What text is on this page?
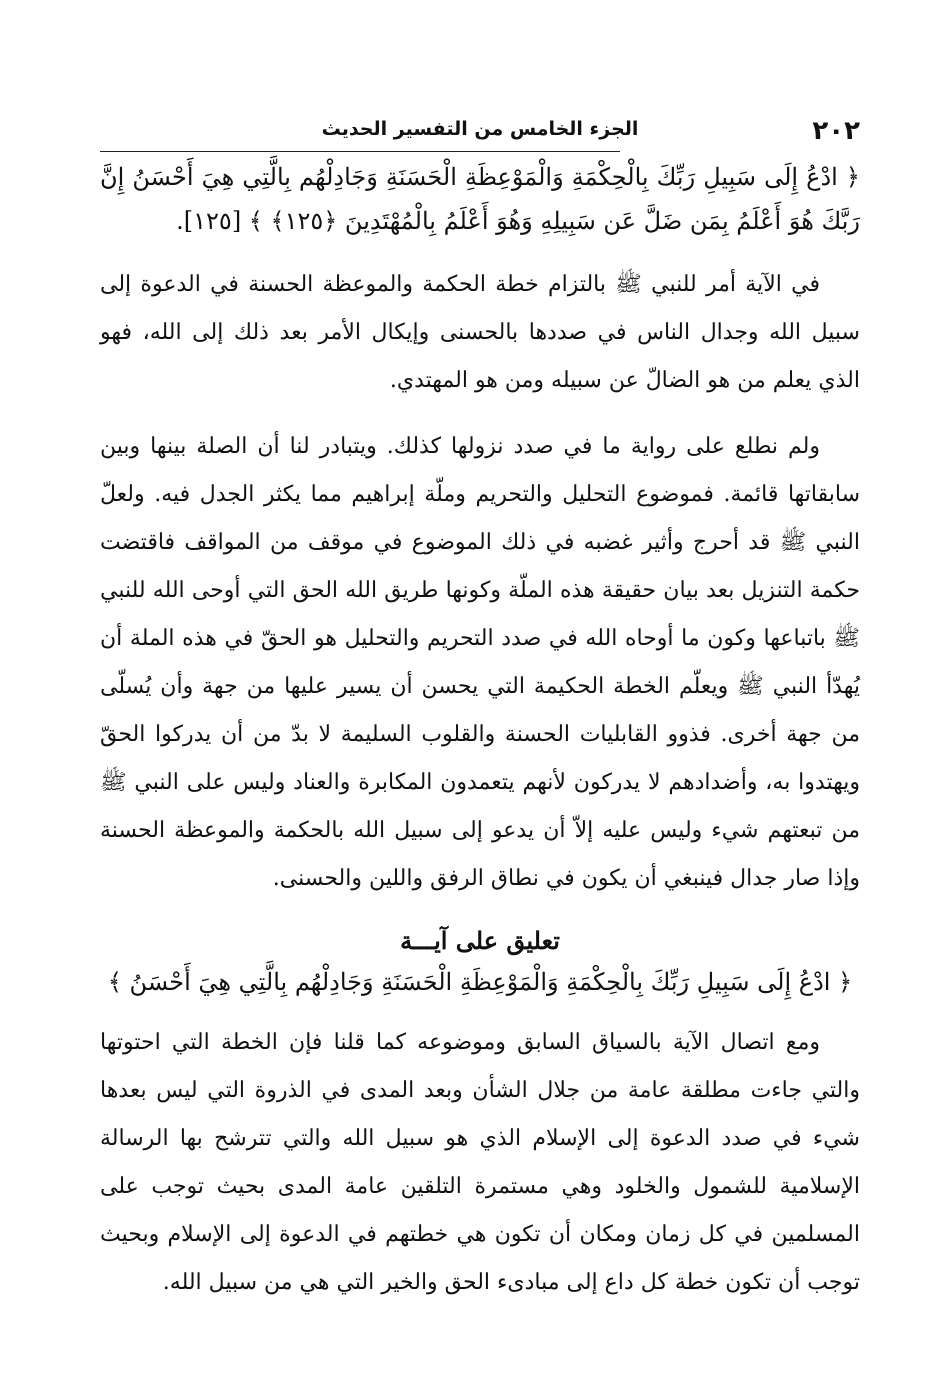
٢٠٢
الجزء الخامس من التفسير الحديث

﴿ ادْعُ إِلَى سَبِيلِ رَبِّكَ بِالْحِكْمَةِ وَالْمَوْعِظَةِ الْحَسَنَةِ وَجَادِلْهُم بِالَّتِي هِيَ أَحْسَنُ إِنَّ رَبَّكَ هُوَ أَعْلَمُ بِمَن ضَلَّ عَن سَبِيلِهِ وَهُوَ أَعْلَمُ بِالْمُهْتَدِينَ ﴿١٢٥﴾ ﴾ [١٢٥].

في الآية أمر للنبي ﷺ بالتزام خطة الحكمة والموعظة الحسنة في الدعوة إلى سبيل الله وجدال الناس في صددها بالحسنى وإيكال الأمر بعد ذلك إلى الله، فهو الذي يعلم من هو الضالّ عن سبيله ومن هو المهتدي.

ولم نطلع على رواية ما في صدد نزولها كذلك. ويتبادر لنا أن الصلة بينها وبين سابقاتها قائمة. فموضوع التحليل والتحريم وملّة إبراهيم مما يكثر الجدل فيه. ولعلّ النبي ﷺ قد أحرج وأثير غضبه في ذلك الموضوع في موقف من المواقف فاقتضت حكمة التنزيل بعد بيان حقيقة هذه الملّة وكونها طريق الله الحق التي أوحى الله للنبي ﷺ باتباعها وكون ما أوحاه الله في صدد التحريم والتحليل هو الحقّ في هذه الملة أن يُهدّأ النبي ﷺ ويعلّم الخطة الحكيمة التي يحسن أن يسير عليها من جهة وأن يُسلّى من جهة أخرى. فذوو القابليات الحسنة والقلوب السليمة لا بدّ من أن يدركوا الحقّ ويهتدوا به، وأضدادهم لا يدركون لأنهم يتعمدون المكابرة والعناد وليس على النبي ﷺ من تبعتهم شيء وليس عليه إلاّ أن يدعو إلى سبيل الله بالحكمة والموعظة الحسنة وإذا صار جدال فينبغي أن يكون في نطاق الرفق واللين والحسنى.

تعليق على آيـــة

﴿ ادْعُ إِلَى سَبِيلِ رَبِّكَ بِالْحِكْمَةِ وَالْمَوْعِظَةِ الْحَسَنَةِ وَجَادِلْهُم بِالَّتِي هِيَ أَحْسَنُ ﴾

ومع اتصال الآية بالسياق السابق وموضوعه كما قلنا فإن الخطة التي احتوتها والتي جاءت مطلقة عامة من جلال الشأن وبعد المدى في الذروة التي ليس بعدها شيء في صدد الدعوة إلى الإسلام الذي هو سبيل الله والتي تترشح بها الرسالة الإسلامية للشمول والخلود وهي مستمرة التلقين عامة المدى بحيث توجب على المسلمين في كل زمان ومكان أن تكون هي خطتهم في الدعوة إلى الإسلام وبحيث توجب أن تكون خطة كل داع إلى مبادىء الحق والخير التي هي من سبيل الله.
